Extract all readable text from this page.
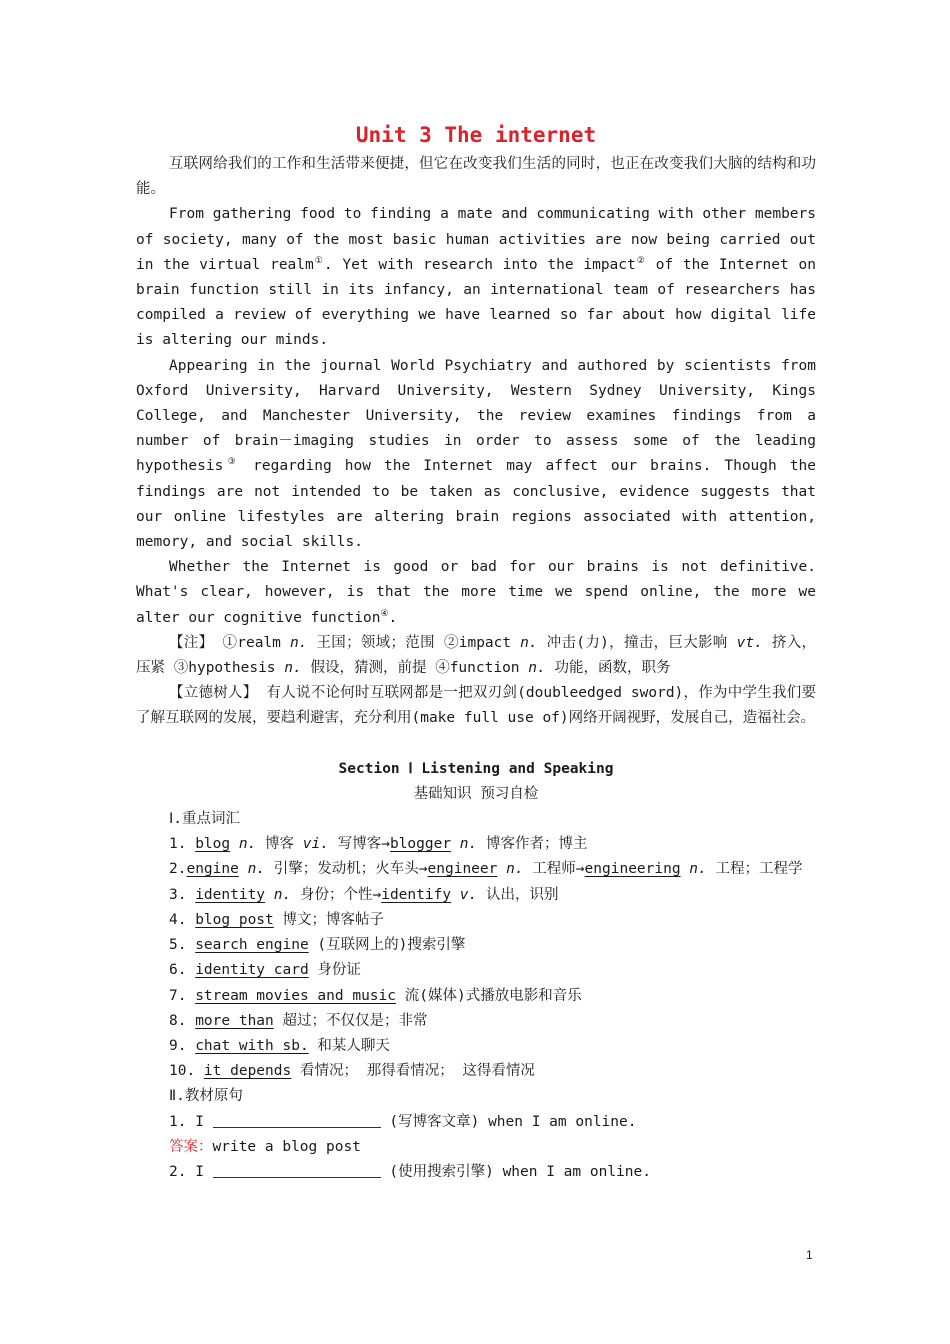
Unit 3 The internet

互联网给我们的工作和生活带来便捷，但它在改变我们生活的同时，也正在改变我们大脑的结构和功能。

From gathering food to finding a mate and communicating with other members of society, many of the most basic human activities are now being carried out in the virtual realm①. Yet with research into the impact② of the Internet on brain function still in its infancy, an international team of researchers has compiled a review of everything we have learned so far about how digital life is altering our minds.

Appearing in the journal World Psychiatry and authored by scientists from Oxford University, Harvard University, Western Sydney University, Kings College, and Manchester University, the review examines findings from a number of brain－imaging studies in order to assess some of the leading hypothesis③ regarding how the Internet may affect our brains. Though the findings are not intended to be taken as conclusive, evidence suggests that our online lifestyles are altering brain regions associated with attention, memory, and social skills.

Whether the Internet is good or bad for our brains is not definitive. What's clear, however, is that the more time we spend online, the more we alter our cognitive function④.

【注】 ①realm n. 王国；领域；范围 ②impact n. 冲击(力)，撞击，巨大影响 vt. 挤入，压紧 ③hypothesis n. 假设，猜测，前提 ④function n. 功能，函数，职务

【立德树人】 有人说不论何时互联网都是一把双刃剑(doubleedged sword)，作为中学生我们要了解互联网的发展，要趋利避害，充分利用(make full use of)网络开阔视野，发展自己，造福社会。

Section Ⅰ Listening and Speaking

基础知识 预习自检

Ⅰ.重点词汇

1. blog n. 博客 vi. 写博客→blogger n. 博客作者；博主

2.engine n. 引擎；发动机；火车头→engineer n. 工程师→engineering n. 工程；工程学

3. identity n. 身份；个性→identify v. 认出，识别

4. blog post 博文；博客帖子

5. search engine (互联网上的)搜索引擎

6. identity card 身份证

7. stream movies and music 流(媒体)式播放电影和音乐

8. more than 超过；不仅仅是；非常

9. chat with sb. 和某人聊天

10. it depends 看情况； 那得看情况； 这得看情况

Ⅱ.教材原句

1. I	(写博客文章) when I am online.

答案：write a blog post

2. I	(使用搜索引擎) when I am online.

1
